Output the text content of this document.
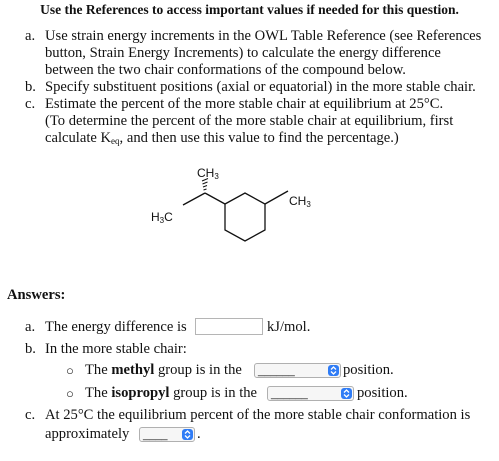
Use the References to access important values if needed for this question.
a. Use strain energy increments in the OWL Table Reference (see References
button, Strain Energy Increments) to calculate the energy difference
between the two chair conformations of the compound below.
b. Specify substituent positions (axial or equatorial) in the more stable chair.
c. Estimate the percent of the more stable chair at equilibrium at 25°C.
(To determine the percent of the more stable chair at equilibrium, first
calculate $K_{eq}$, and then use this value to find the percentage.)
CH3
H3C
CH3
Answers:
a. The energy difference is	kJ/mol.
b. In the more stable chair:
○ The methyl group is in the ______	position.
○ The isopropyl group is in the ______	position.
c. At 25°C the equilibrium percent of the more stable chair conformation is
approximately ____ .
